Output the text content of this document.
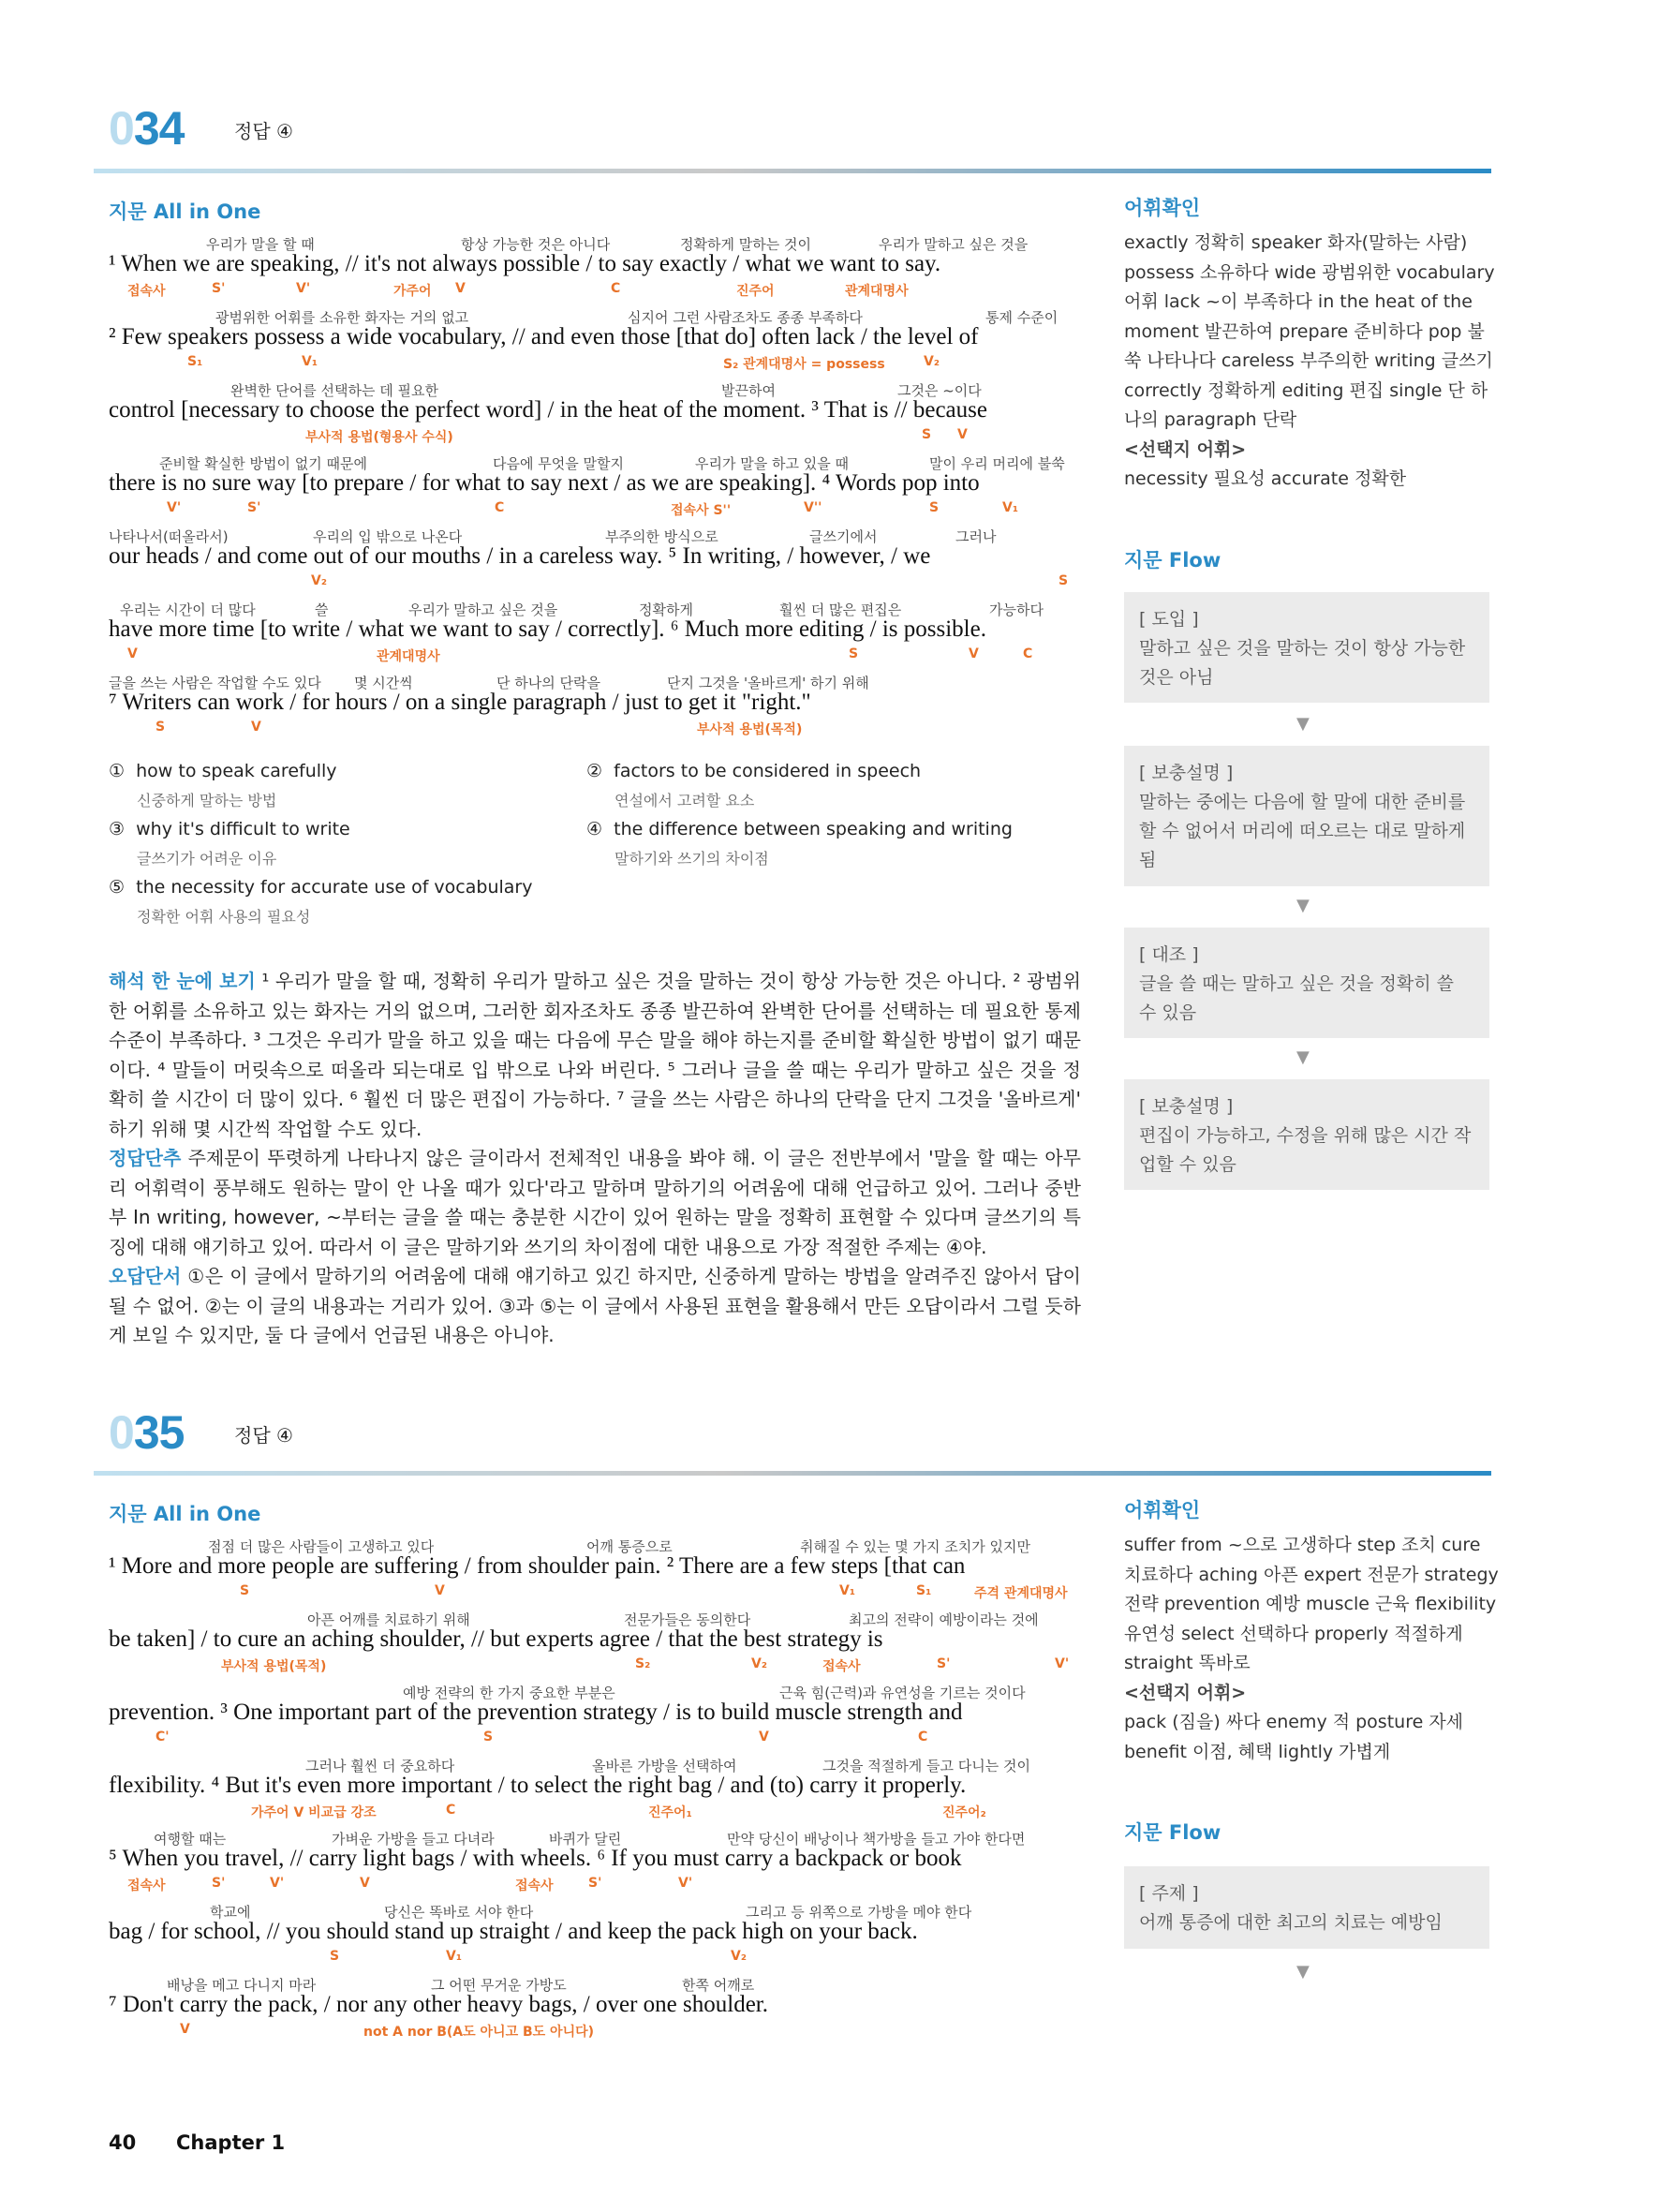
034	정답 ④
지문 All in One
우리가 말을 할 때	항상 가능한 것은 아니다	정확하게 말하는 것이	우리가 말하고 싶은 것을
¹ When we are speaking, // it's not always possible / to say exactly / what we want to say.
접속사	S'	V'	가주어 V	C	진주어	관계대명사
광범위한 어휘를 소유한 화자는 거의 없고	심지어 그런 사람조차도 종종 부족하다	통제 수준이
² Few speakers possess a wide vocabulary, // and even those [that do] often lack / the level of
S₁	V₁	S₂ 관계대명사 = possess	V₂
완벽한 단어를 선택하는 데 필요한	발끈하여	그것은 ~이다
control [necessary to choose the perfect word] / in the heat of the moment. ³ That is // because
부사적 용법(형용사 수식)	S V
준비할 확실한 방법이 없기 때문에	다음에 무엇을 말할지	우리가 말을 하고 있을 때	말이 우리 머리에 불쑥
there is no sure way [to prepare / for what to say next / as we are speaking]. ⁴ Words pop into
V'	S'	C	접속사 S''	V''	S	V₁
나타나서(떠올라서)	우리의 입 밖으로 나온다	부주의한 방식으로	글쓰기에서	그러나
our heads / and come out of our mouths / in a careless way. ⁵ In writing, / however, / we
V₂	S
우리는 시간이 더 많다	쓸	우리가 말하고 싶은 것을	정확하게	훨씬 더 많은 편집은	가능하다
have more time [to write / what we want to say / correctly]. ⁶ Much more editing / is possible.
V	관계대명사	S	V	C
글을 쓰는 사람은 작업할 수도 있다 몇 시간씩	단 하나의 단락을	단지 그것을 '올바르게' 하기 위해
⁷ Writers can work / for hours / on a single paragraph / just to get it "right."
S	V	부사적 용법(목적)
① how to speak carefully
신중하게 말하는 방법
② factors to be considered in speech
연설에서 고려할 요소
③ why it's difficult to write
글쓰기가 어려운 이유
④ the difference between speaking and writing
말하기와 쓰기의 차이점
⑤ the necessity for accurate use of vocabulary
정확한 어휘 사용의 필요성

해석 한 눈에 보기 ¹ 우리가 말을 할 때, 정확히 우리가 말하고 싶은 것을 말하는 것이 항상 가능한 것은 아니다. ² 광범위한 어휘를 소유하고 있는 화자는 거의 없으며, 그러한 회자조차도 종종 발끈하여 완벽한 단어를 선택하는 데 필요한 통제 수준이 부족하다. ³ 그것은 우리가 말을 하고 있을 때는 다음에 무슨 말을 해야 하는지를 준비할 확실한 방법이 없기 때문이다. ⁴ 말들이 머릿속으로 떠올라 되는대로 입 밖으로 나와 버린다. ⁵ 그러나 글을 쓸 때는 우리가 말하고 싶은 것을 정확히 쓸 시간이 더 많이 있다. ⁶ 훨씬 더 많은 편집이 가능하다. ⁷ 글을 쓰는 사람은 하나의 단락을 단지 그것을 '올바르게' 하기 위해 몇 시간씩 작업할 수도 있다.

정답단추 주제문이 뚜렷하게 나타나지 않은 글이라서 전체적인 내용을 봐야 해. 이 글은 전반부에서 '말을 할 때는 아무리 어휘력이 풍부해도 원하는 말이 안 나올 때가 있다'라고 말하며 말하기의 어려움에 대해 언급하고 있어. 그러나 중반부 In writing, however, ~부터는 글을 쓸 때는 충분한 시간이 있어 원하는 말을 정확히 표현할 수 있다며 글쓰기의 특징에 대해 얘기하고 있어. 따라서 이 글은 말하기와 쓰기의 차이점에 대한 내용으로 가장 적절한 주제는 ④야.

오답단서 ①은 이 글에서 말하기의 어려움에 대해 얘기하고 있긴 하지만, 신중하게 말하는 방법을 알려주진 않아서 답이 될 수 없어. ②는 이 글의 내용과는 거리가 있어. ③과 ⑤는 이 글에서 사용된 표현을 활용해서 만든 오답이라서 그럴 듯하게 보일 수 있지만, 둘 다 글에서 언급된 내용은 아니야.

어휘확인
exactly 정확히 speaker 화자(말하는 사람) possess 소유하다 wide 광범위한 vocabulary 어휘 lack ~이 부족하다 in the heat of the moment 발끈하여 prepare 준비하다 pop 불쑥 나타나다 careless 부주의한 writing 글쓰기 correctly 정확하게 editing 편집 single 단 하나의 paragraph 단락
<선택지 어휘>
necessity 필요성 accurate 정확한
지문 Flow
[ 도입 ]
말하고 싶은 것을 말하는 것이 항상 가능한 것은 아님
▼
[ 보충설명 ]
말하는 중에는 다음에 할 말에 대한 준비를 할 수 없어서 머리에 떠오르는 대로 말하게 됨
▼
[ 대조 ]
글을 쓸 때는 말하고 싶은 것을 정확히 쓸 수 있음
▼
[ 보충설명 ]
편집이 가능하고, 수정을 위해 많은 시간 작업할 수 있음
035	정답 ④
지문 All in One
점점 더 많은 사람들이 고생하고 있다	어깨 통증으로	취해질 수 있는 몇 가지 조치가 있지만
¹ More and more people are suffering / from shoulder pain. ² There are a few steps [that can
S	V	V₁	S₁	주격 관계대명사
아픈 어깨를 치료하기 위해	전문가들은 동의한다	최고의 전략이 예방이라는 것에
be taken] / to cure an aching shoulder, // but experts agree / that the best strategy is
부사적 용법(목적)	S₂	V₂	접속사	S'	V'
예방 전략의 한 가지 중요한 부분은	근육 힘(근력)과 유연성을 기르는 것이다
prevention. ³ One important part of the prevention strategy / is to build muscle strength and
C'	S	V	C
그러나 훨씬 더 중요하다	올바른 가방을 선택하여	그것을 적절하게 들고 다니는 것이
flexibility. ⁴ But it's even more important / to select the right bag / and (to) carry it properly.
가주어 V 비교급 강조	C	진주어₁	진주어₂
여행할 때는	가벼운 가방을 들고 다녀라	바퀴가 달린	만약 당신이 배낭이나 책가방을 들고 가야 한다면
⁵ When you travel, // carry light bags / with wheels. ⁶ If you must carry a backpack or book
접속사	S'	V'	V	접속사	S'	V'
학교에	당신은 똑바로 서야 한다	그리고 등 위쪽으로 가방을 메야 한다
bag / for school, // you should stand up straight / and keep the pack high on your back.
S	V₁	V₂
배낭을 메고 다니지 마라	그 어떤 무거운 가방도	한쪽 어깨로
⁷ Don't carry the pack, / nor any other heavy bags, / over one shoulder.
V	not A nor B(A도 아니고 B도 아니다)
어휘확인
suffer from ~으로 고생하다 step 조치 cure 치료하다 aching 아픈 expert 전문가 strategy 전략 prevention 예방 muscle 근육 flexibility 유연성 select 선택하다 properly 적절하게 straight 똑바로
<선택지 어휘>
pack (짐을) 싸다 enemy 적 posture 자세 benefit 이점, 혜택 lightly 가볍게
지문 Flow
[ 주제 ]
어깨 통증에 대한 최고의 치료는 예방임
▼
40 Chapter 1
